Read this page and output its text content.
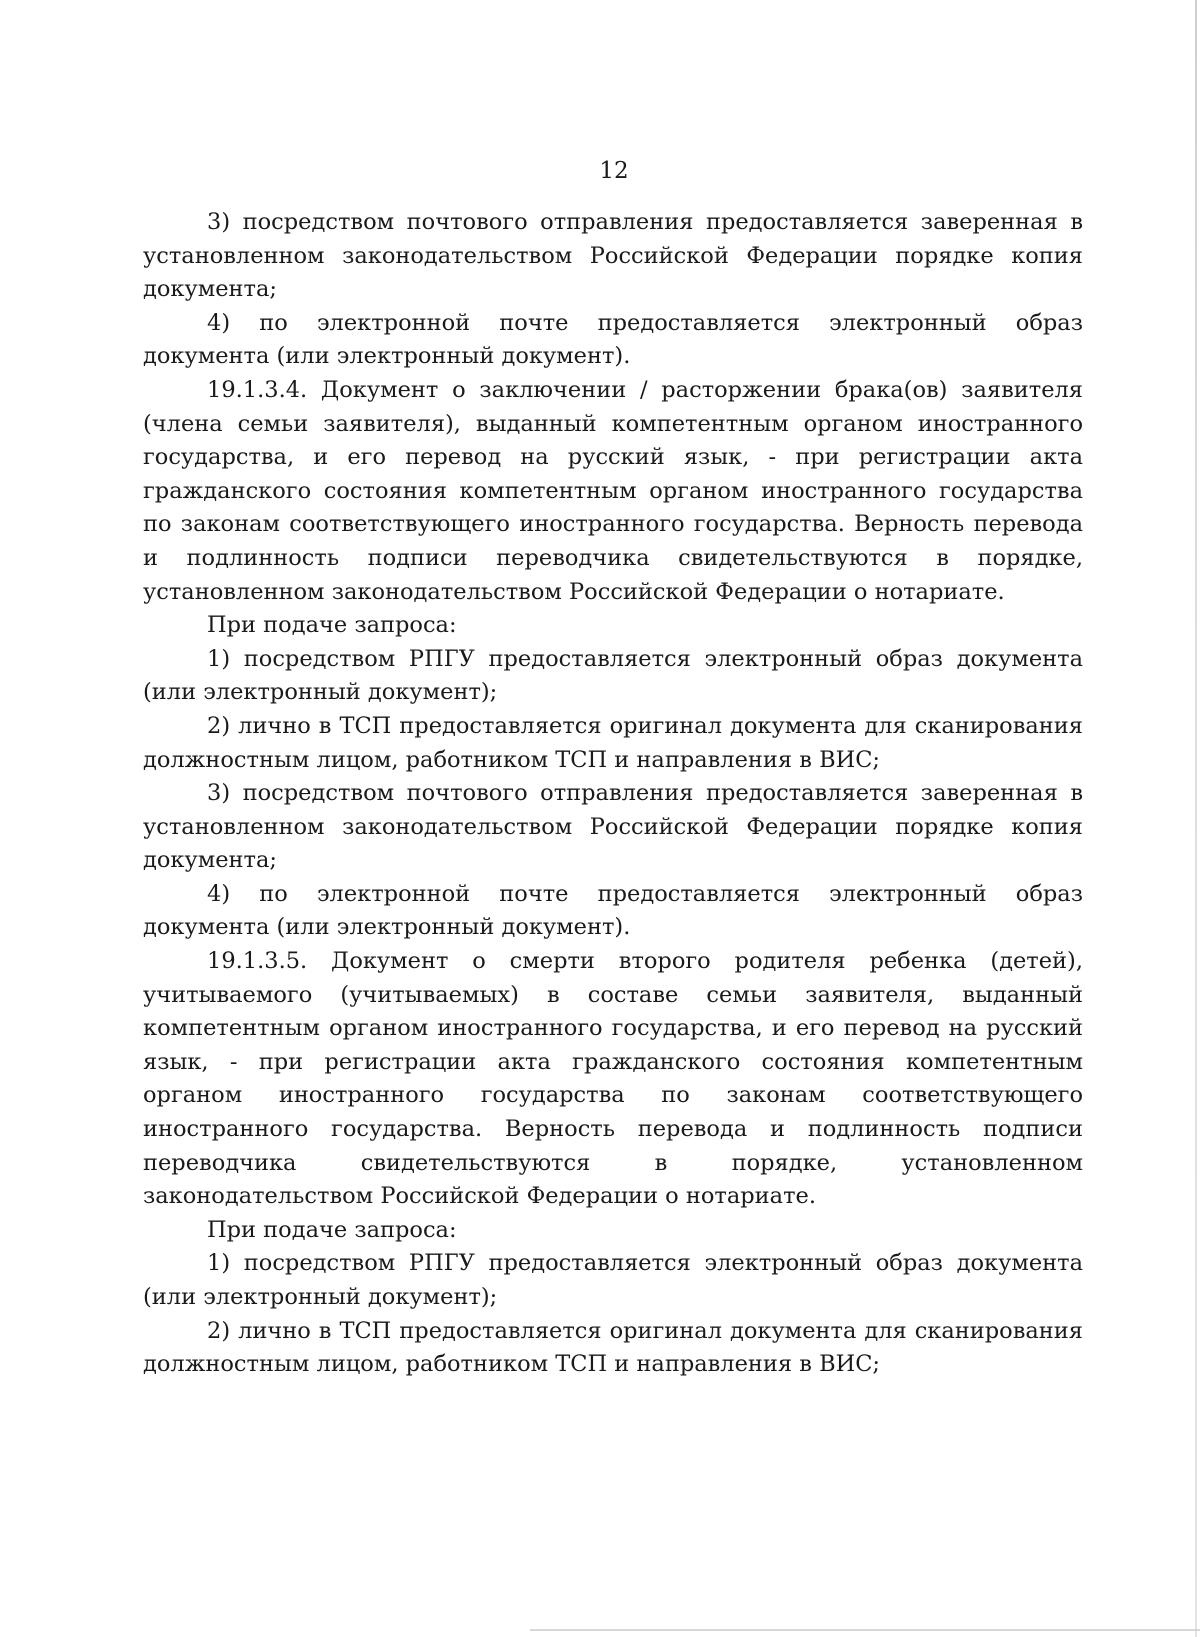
12

3) посредством почтового отправления предоставляется заверенная в установленном законодательством Российской Федерации порядке копия документа;

4) по электронной почте предоставляется электронный образ документа (или электронный документ).

19.1.3.4. Документ о заключении / расторжении брака(ов) заявителя (члена семьи заявителя), выданный компетентным органом иностранного государства, и его перевод на русский язык, - при регистрации акта гражданского состояния компетентным органом иностранного государства по законам соответствующего иностранного государства. Верность перевода и подлинность подписи переводчика свидетельствуются в порядке, установленном законодательством Российской Федерации о нотариате.

При подаче запроса:

1) посредством РПГУ предоставляется электронный образ документа (или электронный документ);

2) лично в ТСП предоставляется оригинал документа для сканирования должностным лицом, работником ТСП и направления в ВИС;

3) посредством почтового отправления предоставляется заверенная в установленном законодательством Российской Федерации порядке копия документа;

4) по электронной почте предоставляется электронный образ документа (или электронный документ).

19.1.3.5. Документ о смерти второго родителя ребенка (детей), учитываемого (учитываемых) в составе семьи заявителя, выданный компетентным органом иностранного государства, и его перевод на русский язык, - при регистрации акта гражданского состояния компетентным органом иностранного государства по законам соответствующего иностранного государства. Верность перевода и подлинность подписи переводчика свидетельствуются в порядке, установленном законодательством Российской Федерации о нотариате.

При подаче запроса:

1) посредством РПГУ предоставляется электронный образ документа (или электронный документ);

2) лично в ТСП предоставляется оригинал документа для сканирования должностным лицом, работником ТСП и направления в ВИС;
